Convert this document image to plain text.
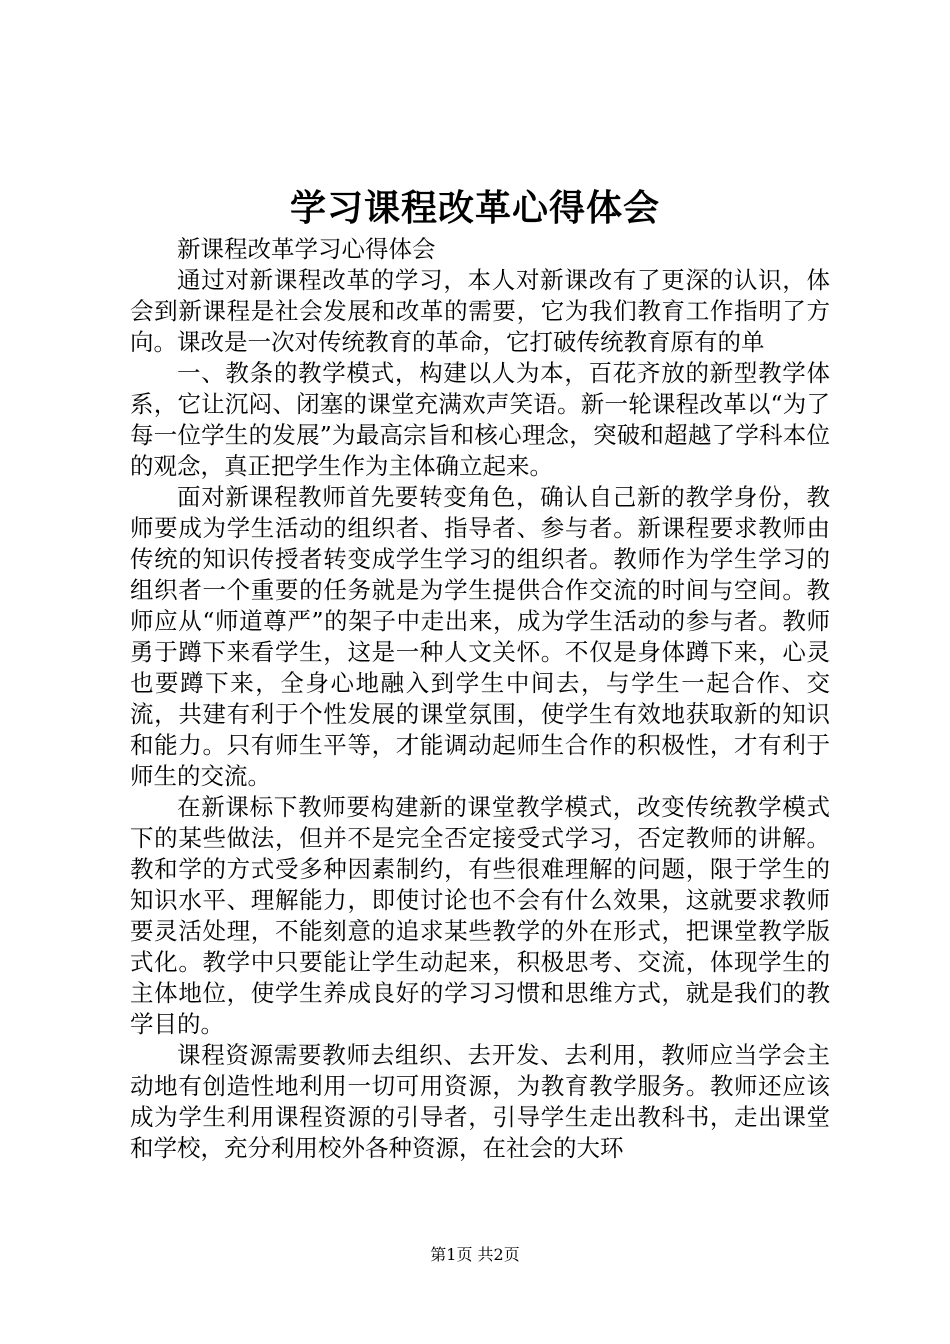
学习课程改革心得体会

新课程改革学习心得体会

通过对新课程改革的学习，本人对新课改有了更深的认识，体会到新课程是社会发展和改革的需要，它为我们教育工作指明了方向。课改是一次对传统教育的革命，它打破传统教育原有的单

一、教条的教学模式，构建以人为本，百花齐放的新型教学体系，它让沉闷、闭塞的课堂充满欢声笑语。新一轮课程改革以“为了每一位学生的发展”为最高宗旨和核心理念，突破和超越了学科本位的观念，真正把学生作为主体确立起来。

面对新课程教师首先要转变角色，确认自己新的教学身份，教师要成为学生活动的组织者、指导者、参与者。新课程要求教师由传统的知识传授者转变成学生学习的组织者。教师作为学生学习的组织者一个重要的任务就是为学生提供合作交流的时间与空间。教师应从“师道尊严”的架子中走出来，成为学生活动的参与者。教师勇于蹲下来看学生，这是一种人文关怀。不仅是身体蹲下来，心灵也要蹲下来，全身心地融入到学生中间去，与学生一起合作、交流，共建有利于个性发展的课堂氛围，使学生有效地获取新的知识和能力。只有师生平等，才能调动起师生合作的积极性，才有利于师生的交流。

在新课标下教师要构建新的课堂教学模式，改变传统教学模式下的某些做法，但并不是完全否定接受式学习，否定教师的讲解。教和学的方式受多种因素制约，有些很难理解的问题，限于学生的知识水平、理解能力，即使讨论也不会有什么效果，这就要求教师要灵活处理，不能刻意的追求某些教学的外在形式，把课堂教学版式化。教学中只要能让学生动起来，积极思考、交流，体现学生的主体地位，使学生养成良好的学习习惯和思维方式，就是我们的教学目的。

课程资源需要教师去组织、去开发、去利用，教师应当学会主动地有创造性地利用一切可用资源，为教育教学服务。教师还应该成为学生利用课程资源的引导者，引导学生走出教科书，走出课堂和学校，充分利用校外各种资源，在社会的大环

第1页 共2页
